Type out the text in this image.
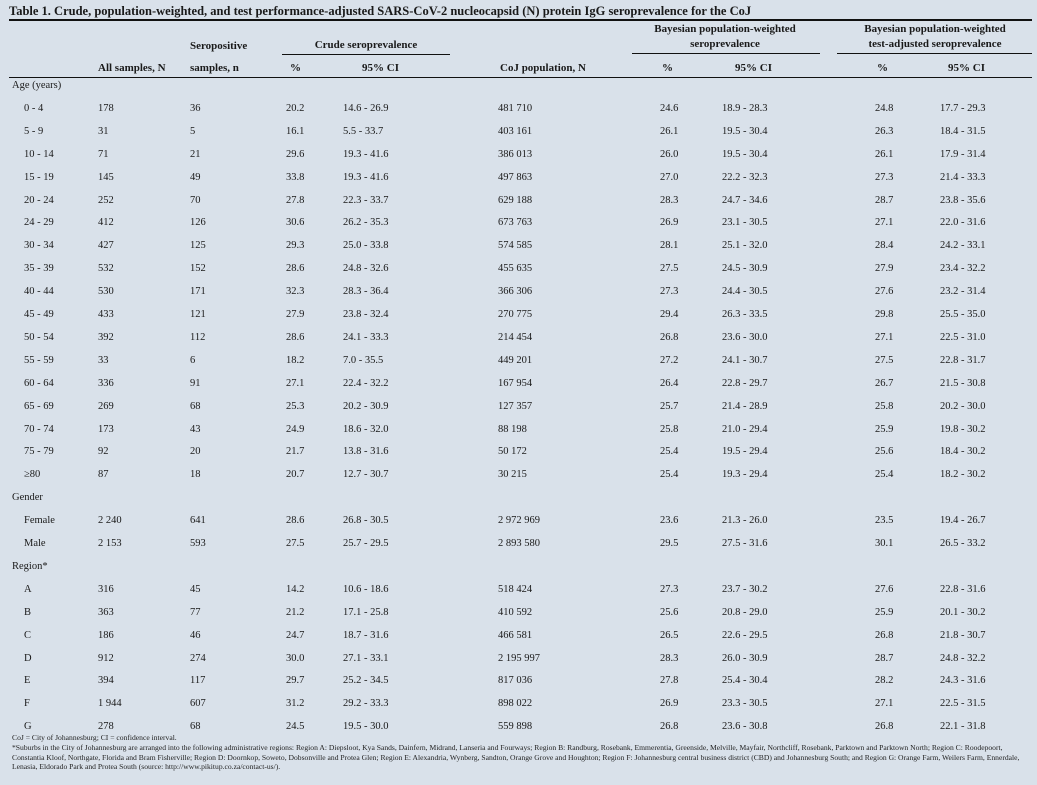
Table 1. Crude, population-weighted, and test performance-adjusted SARS-CoV-2 nucleocapsid (N) protein IgG seroprevalence for the CoJ
All samples, N
Seropositive
samples, n
Crude seroprevalence
%	95% CI	CoJ population, N
Bayesian population-weighted
seroprevalence
%	95% CI
Bayesian population-weighted
test-adjusted seroprevalence
%	95% CI
Age (years)
0 - 4	178	36	20.2	14.6 - 26.9	481 710	24.6	18.9 - 28.3	24.8	17.7 - 29.3
5 - 9	31	5	16.1	5.5 - 33.7	403 161	26.1	19.5 - 30.4	26.3	18.4 - 31.5
10 - 14	71	21	29.6	19.3 - 41.6	386 013	26.0	19.5 - 30.4	26.1	17.9 - 31.4
15 - 19	145	49	33.8	19.3 - 41.6	497 863	27.0	22.2 - 32.3	27.3	21.4 - 33.3
20 - 24	252	70	27.8	22.3 - 33.7	629 188	28.3	24.7 - 34.6	28.7	23.8 - 35.6
24 - 29	412	126	30.6	26.2 - 35.3	673 763	26.9	23.1 - 30.5	27.1	22.0 - 31.6
30 - 34	427	125	29.3	25.0 - 33.8	574 585	28.1	25.1 - 32.0	28.4	24.2 - 33.1
35 - 39	532	152	28.6	24.8 - 32.6	455 635	27.5	24.5 - 30.9	27.9	23.4 - 32.2
40 - 44	530	171	32.3	28.3 - 36.4	366 306	27.3	24.4 - 30.5	27.6	23.2 - 31.4
45 - 49	433	121	27.9	23.8 - 32.4	270 775	29.4	26.3 - 33.5	29.8	25.5 - 35.0
50 - 54	392	112	28.6	24.1 - 33.3	214 454	26.8	23.6 - 30.0	27.1	22.5 - 31.0
55 - 59	33	6	18.2	7.0 - 35.5	449 201	27.2	24.1 - 30.7	27.5	22.8 - 31.7
60 - 64	336	91	27.1	22.4 - 32.2	167 954	26.4	22.8 - 29.7	26.7	21.5 - 30.8
65 - 69	269	68	25.3	20.2 - 30.9	127 357	25.7	21.4 - 28.9	25.8	20.2 - 30.0
70 - 74	173	43	24.9	18.6 - 32.0	88 198	25.8	21.0 - 29.4	25.9	19.8 - 30.2
75 - 79	92	20	21.7	13.8 - 31.6	50 172	25.4	19.5 - 29.4	25.6	18.4 - 30.2
≥80	87	18	20.7	12.7 - 30.7	30 215	25.4	19.3 - 29.4	25.4	18.2 - 30.2
Gender
Female	2 240	641	28.6	26.8 - 30.5	2 972 969	23.6	21.3 - 26.0	23.5	19.4 - 26.7
Male	2 153	593	27.5	25.7 - 29.5	2 893 580	29.5	27.5 - 31.6	30.1	26.5 - 33.2
Region*
A	316	45	14.2	10.6 - 18.6	518 424	27.3	23.7 - 30.2	27.6	22.8 - 31.6
B	363	77	21.2	17.1 - 25.8	410 592	25.6	20.8 - 29.0	25.9	20.1 - 30.2
C	186	46	24.7	18.7 - 31.6	466 581	26.5	22.6 - 29.5	26.8	21.8 - 30.7
D	912	274	30.0	27.1 - 33.1	2 195 997	28.3	26.0 - 30.9	28.7	24.8 - 32.2
E	394	117	29.7	25.2 - 34.5	817 036	27.8	25.4 - 30.4	28.2	24.3 - 31.6
F	1 944	607	31.2	29.2 - 33.3	898 022	26.9	23.3 - 30.5	27.1	22.5 - 31.5
G	278	68	24.5	19.5 - 30.0	559 898	26.8	23.6 - 30.8	26.8	22.1 - 31.8
CoJ = City of Johannesburg; CI = confidence interval.
*Suburbs in the City of Johannesburg are arranged into the following administrative regions: Region A: Diepsloot, Kya Sands, Dainfern, Midrand, Lanseria and Fourways; Region B: Randburg, Rosebank, Emmerentia, Greenside, Melville, Mayfair, Northcliff, Rosebank, Parktown and Parktown North; Region C: Roodepoort, Constantia Kloof, Northgate, Florida and Bram Fisherville; Region D: Doornkop, Soweto, Dobsonville and Protea Glen; Region E: Alexandria, Wynberg, Sandton, Orange Grove and Houghton; Region F: Johannesburg central business district (CBD) and Johannesburg South; and Region G: Orange Farm, Weilers Farm, Ennerdale, Lenasia, Eldorado Park and Protea South (source: http://www.pikitup.co.za/contact-us/).
